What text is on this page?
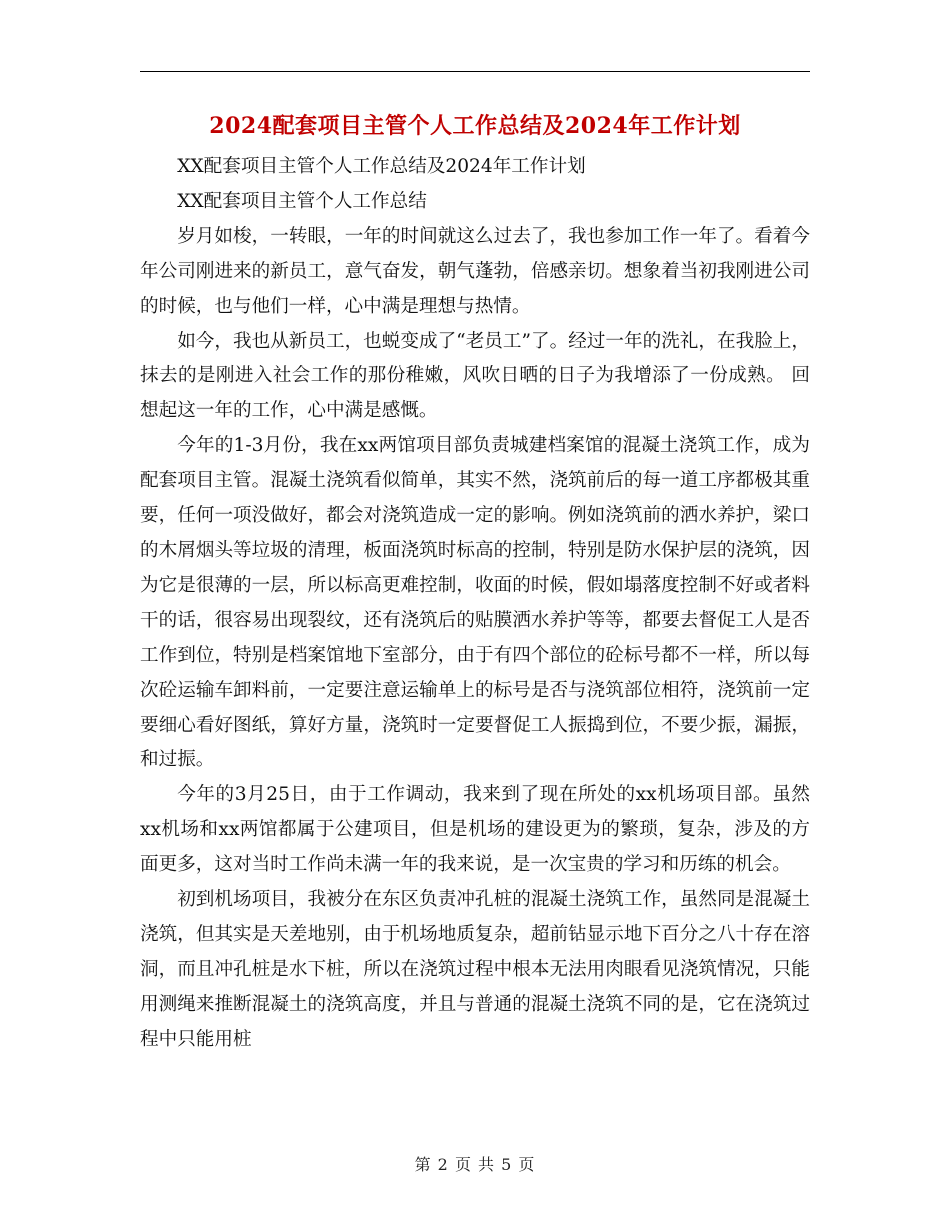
2024配套项目主管个人工作总结及2024年工作计划

XX配套项目主管个人工作总结及2024年工作计划

XX配套项目主管个人工作总结

岁月如梭，一转眼，一年的时间就这么过去了，我也参加工作一年了。看着今年公司刚进来的新员工，意气奋发，朝气蓬勃，倍感亲切。想象着当初我刚进公司的时候，也与他们一样，心中满是理想与热情。

如今，我也从新员工，也蜕变成了“老员工”了。经过一年的洗礼，在我脸上，抹去的是刚进入社会工作的那份稚嫩，风吹日晒的日子为我增添了一份成熟。 回想起这一年的工作，心中满是感慨。

今年的1-3月份，我在xx两馆项目部负责城建档案馆的混凝土浇筑工作，成为配套项目主管。混凝土浇筑看似简单，其实不然，浇筑前后的每一道工序都极其重要，任何一项没做好，都会对浇筑造成一定的影响。例如浇筑前的洒水养护，梁口的木屑烟头等垃圾的清理，板面浇筑时标高的控制，特别是防水保护层的浇筑，因为它是很薄的一层，所以标高更难控制，收面的时候，假如塌落度控制不好或者料干的话，很容易出现裂纹，还有浇筑后的贴膜洒水养护等等，都要去督促工人是否工作到位，特别是档案馆地下室部分，由于有四个部位的砼标号都不一样，所以每次砼运输车卸料前，一定要注意运输单上的标号是否与浇筑部位相符，浇筑前一定要细心看好图纸，算好方量，浇筑时一定要督促工人振捣到位，不要少振，漏振，和过振。

今年的3月25日，由于工作调动，我来到了现在所处的xx机场项目部。虽然xx机场和xx两馆都属于公建项目，但是机场的建设更为的繁琐，复杂，涉及的方面更多，这对当时工作尚未满一年的我来说，是一次宝贵的学习和历练的机会。

初到机场项目，我被分在东区负责冲孔桩的混凝土浇筑工作，虽然同是混凝土浇筑，但其实是天差地别，由于机场地质复杂，超前钻显示地下百分之八十存在溶洞，而且冲孔桩是水下桩，所以在浇筑过程中根本无法用肉眼看见浇筑情况，只能用测绳来推断混凝土的浇筑高度，并且与普通的混凝土浇筑不同的是，它在浇筑过程中只能用桩

第 2 页 共 5 页
